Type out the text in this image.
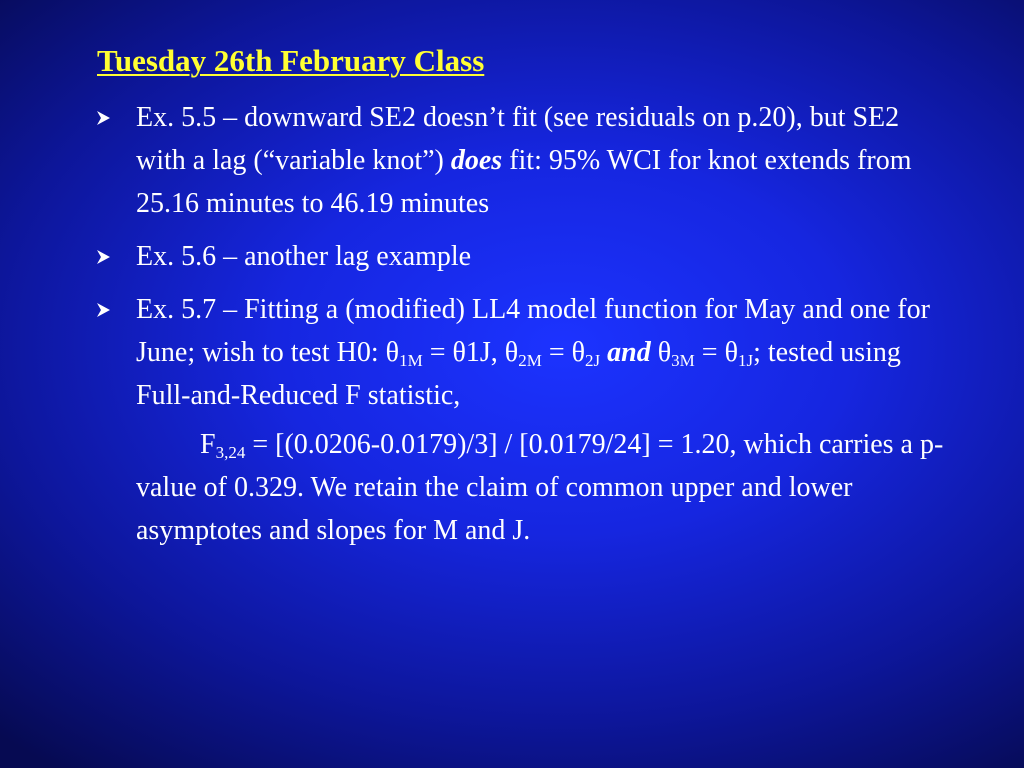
Tuesday 26th February Class
Ex. 5.5 – downward SE2 doesn’t fit (see residuals on p.20), but SE2 with a lag (“variable knot”) does fit: 95% WCI for knot extends from 25.16 minutes to 46.19 minutes
Ex. 5.6 – another lag example
Ex. 5.7 – Fitting a (modified) LL4 model function for May and one for June; wish to test H0: $\theta_{1M} = \theta 1J$, $\theta_{2M} = \theta_{2J}$ and $\theta_{3M} = \theta_{1J}$; tested using Full-and-Reduced F statistic,
$F_{3,24} = [(0.0206-0.0179)/3] / [0.0179/24] = 1.20$, which carries a p-value of 0.329. We retain the claim of common upper and lower asymptotes and slopes for M and J.
